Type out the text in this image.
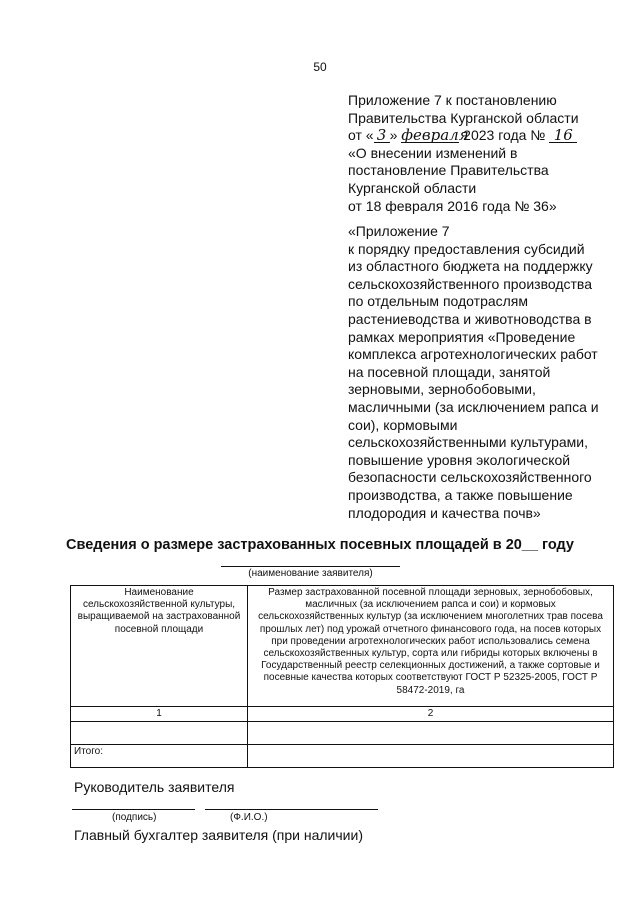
50
Приложение 7 к постановлению
Правительства Курганской области
от « 3 » февраля 2023 года № 16
«О внесении изменений в
постановление Правительства
Курганской области
от 18 февраля 2016 года № 36»
«Приложение 7
к порядку предоставления субсидий
из областного бюджета на поддержку
сельскохозяйственного производства
по отдельным подотраслям
растениеводства и животноводства в
рамках мероприятия «Проведение
комплекса агротехнологических работ
на посевной площади, занятой
зерновыми, зернобобовыми,
масличными (за исключением рапса и
сои), кормовыми
сельскохозяйственными культурами,
повышение уровня экологической
безопасности сельскохозяйственного
производства, а также повышение
плодородия и качества почв»
Сведения о размере застрахованных посевных площадей в 20__ году
(наименование заявителя)
Наименование сельскохозяйственной культуры, выращиваемой на застрахованной посевной площади	Размер застрахованной посевной площади зерновых, зернобобовых, масличных (за исключением рапса и сои) и кормовых сельскохозяйственных культур (за исключением многолетних трав посева прошлых лет) под урожай отчетного финансового года, на посев которых при проведении агротехнологических работ использовались семена сельскохозяйственных культур, сорта или гибриды которых включены в Государственный реестр селекционных достижений, а также сортовые и посевные качества которых соответствуют ГОСТ Р 52325-2005, ГОСТ Р 58472-2019, га
1	2

Итого:	
Руководитель заявителя
(подпись)	(Ф.И.О.)
Главный бухгалтер заявителя (при наличии)
